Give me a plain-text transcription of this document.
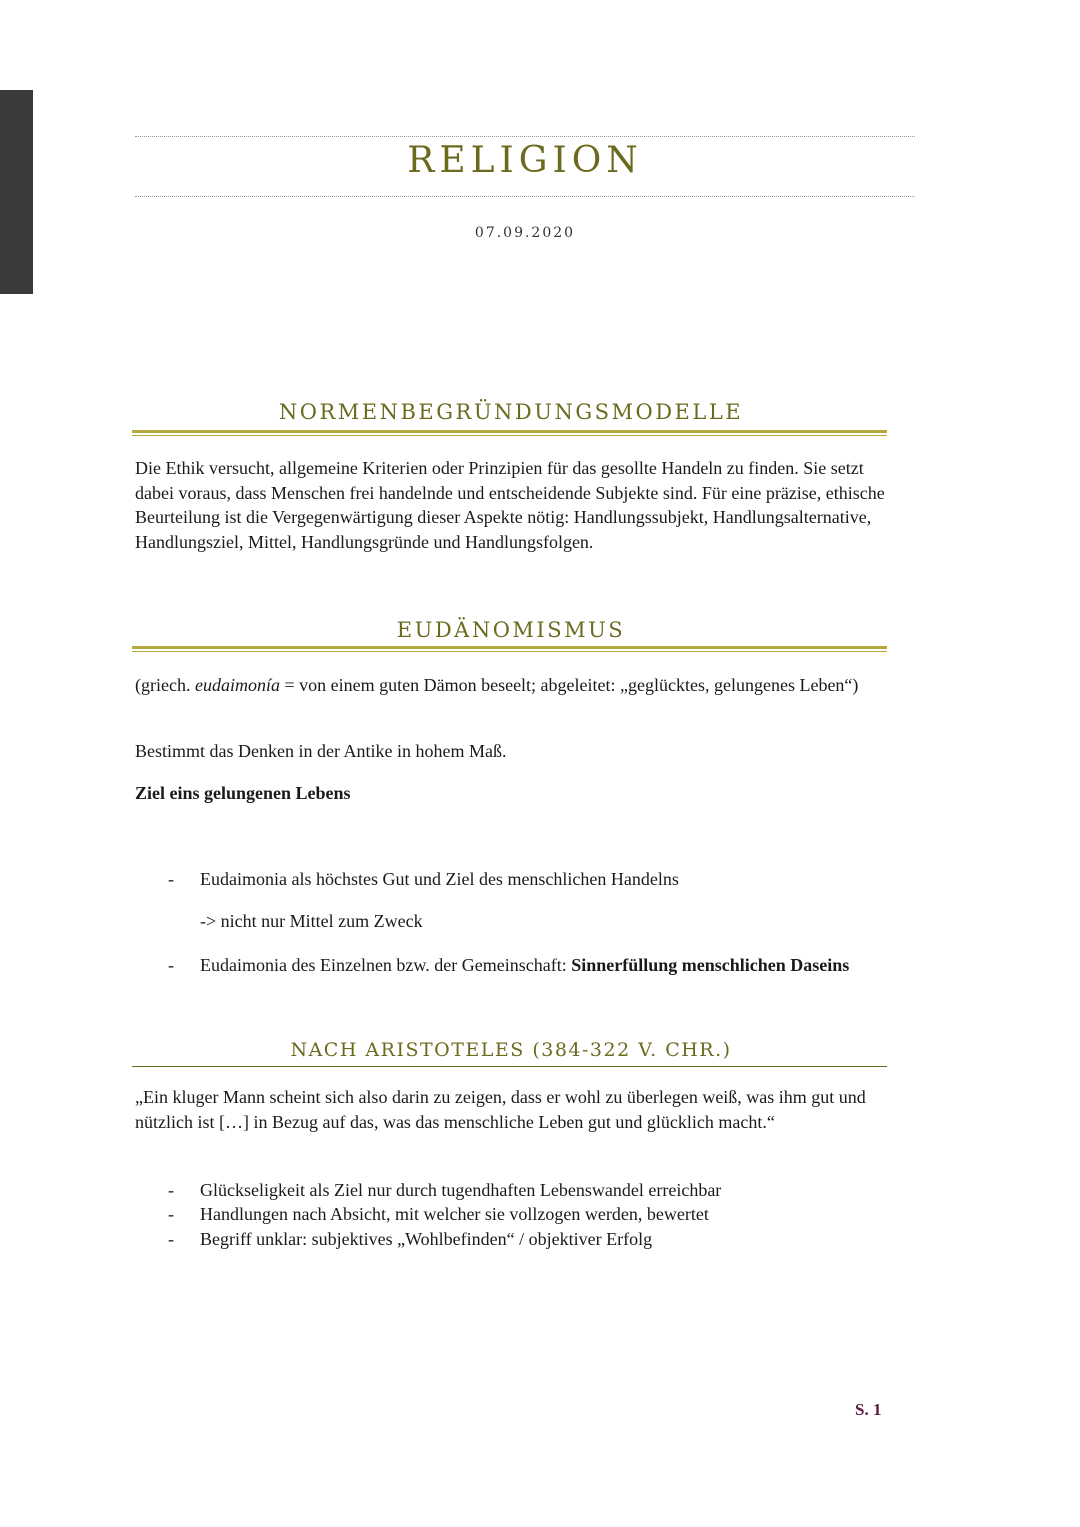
RELIGION
07.09.2020
NORMENBEGRÜNDUNGSMODELLE

Die Ethik versucht, allgemeine Kriterien oder Prinzipien für das gesollte Handeln zu finden. Sie setzt dabei voraus, dass Menschen frei handelnde und entscheidende Subjekte sind. Für eine präzise, ethische Beurteilung ist die Vergegenwärtigung dieser Aspekte nötig: Handlungssubjekt, Handlungsalternative, Handlungsziel, Mittel, Handlungsgründe und Handlungsfolgen.

EUDÄNOMISMUS

(griech. eudaimonía = von einem guten Dämon beseelt; abgeleitet: „geglücktes, gelungenes Leben“)

Bestimmt das Denken in der Antike in hohem Maß.

Ziel eins gelungenen Lebens

- Eudaimonia als höchstes Gut und Ziel des menschlichen Handelns
-> nicht nur Mittel zum Zweck
- Eudaimonia des Einzelnen bzw. der Gemeinschaft: Sinnerfüllung menschlichen Daseins
NACH ARISTOTELES (384-322 V. CHR.)

„Ein kluger Mann scheint sich also darin zu zeigen, dass er wohl zu überlegen weiß, was ihm gut und nützlich ist […] in Bezug auf das, was das menschliche Leben gut und glücklich macht.“

- Glückseligkeit als Ziel nur durch tugendhaften Lebenswandel erreichbar
- Handlungen nach Absicht, mit welcher sie vollzogen werden, bewertet
- Begriff unklar: subjektives „Wohlbefinden“ / objektiver Erfolg
S. 1
